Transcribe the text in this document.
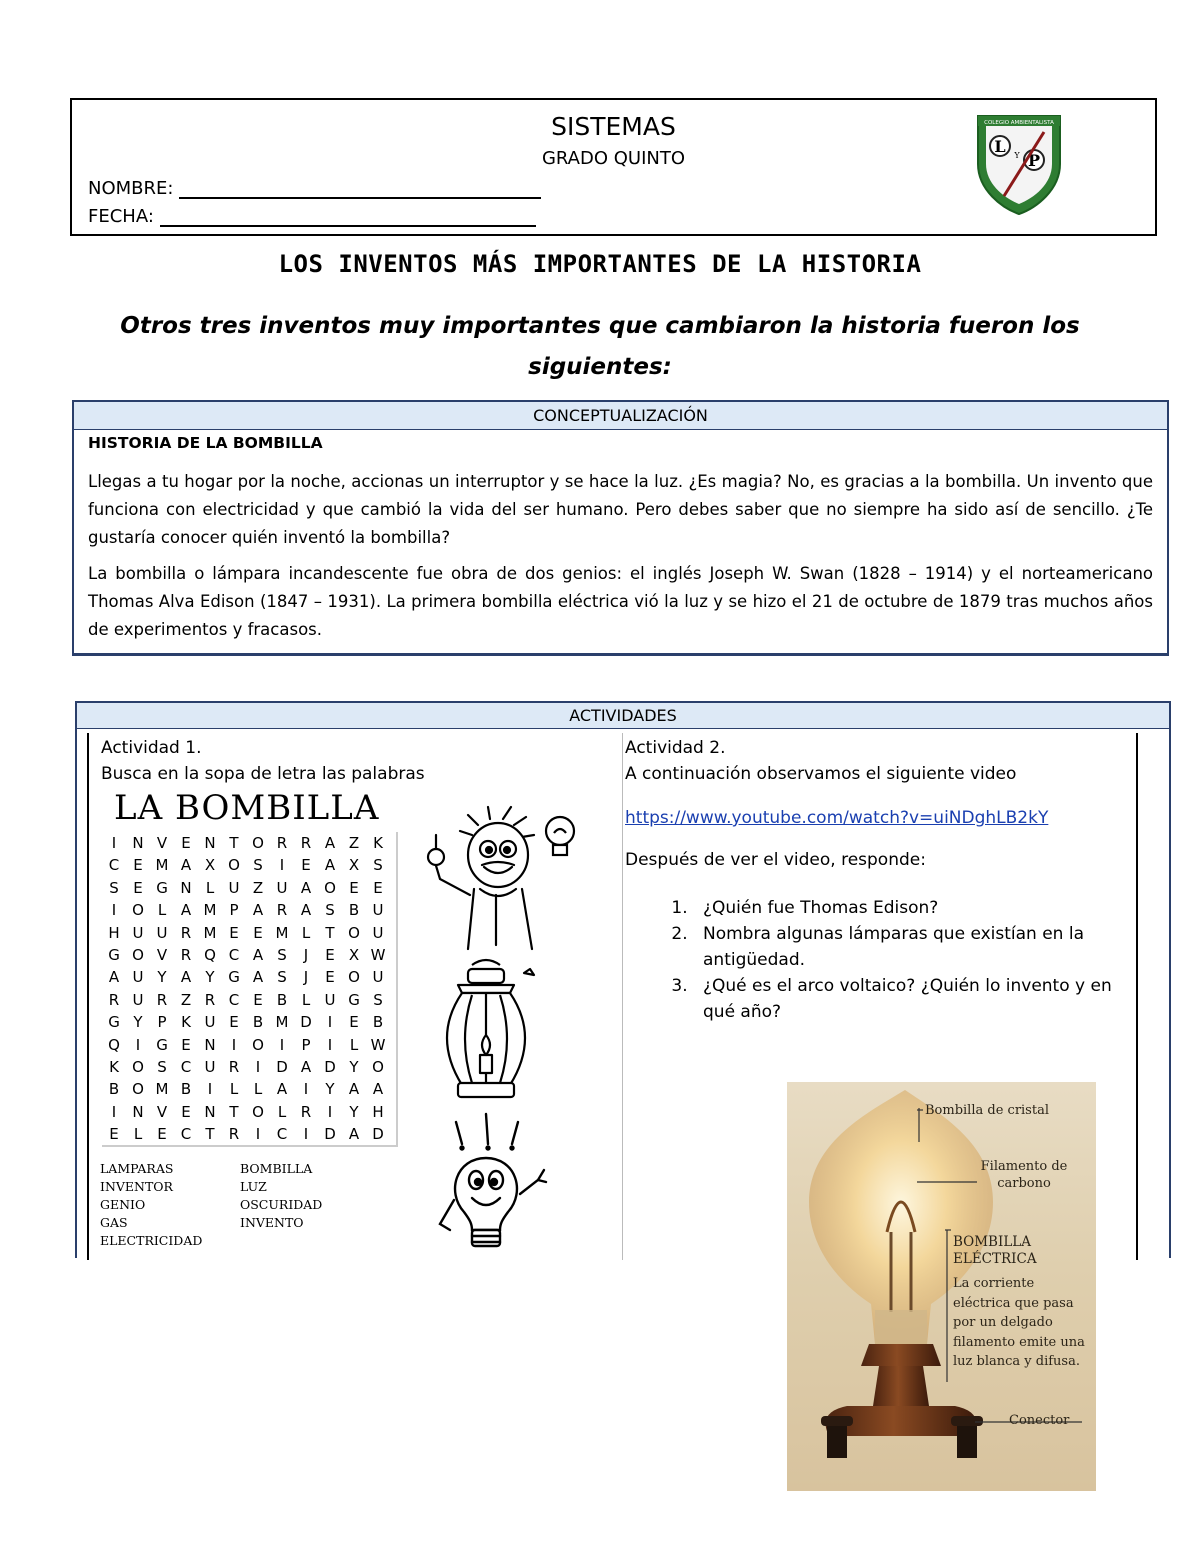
SISTEMAS
GRADO QUINTO
NOMBRE:
FECHA:
COLEGIO AMBIENTALISTA
L
P
Y
LOS INVENTOS MÁS IMPORTANTES DE LA HISTORIA
Otros tres inventos muy importantes que cambiaron la historia fueron los siguientes:
CONCEPTUALIZACIÓN
HISTORIA DE LA BOMBILLA

Llegas a tu hogar por la noche, accionas un interruptor y se hace la luz. ¿Es magia? No, es gracias a la bombilla. Un invento que funciona con electricidad y que cambió la vida del ser humano. Pero debes saber que no siempre ha sido así de sencillo. ¿Te gustaría conocer quién inventó la bombilla?

La bombilla o lámpara incandescente fue obra de dos genios: el inglés Joseph W. Swan (1828 – 1914) y el norteamericano Thomas Alva Edison (1847 – 1931). La primera bombilla eléctrica vió la luz y se hizo el 21 de octubre de 1879 tras muchos años de experimentos y fracasos.

ACTIVIDADES
Actividad 1.
Busca en la sopa de letra las palabras
Actividad 2.
A continuación observamos el siguiente video
https://www.youtube.com/watch?v=uiNDghLB2kY
Después de ver el video, responde:
1. ¿Quién fue Thomas Edison?
2. Nombra algunas lámparas que existían en la antigüedad.
3. ¿Qué es el arco voltaico? ¿Quién lo invento y en qué año?
LA BOMBILLA
I	N V E N T O R R A Z K
C E M A X O S	I	E A X S
S E G N L U Z U A O E E
I	O L A M P A R A S B U
H U U R M E E M L	T O U
G O V R Q C A S	J	E X W
A U Y A Y G A S	J	E O U
R U R Z R C E B L U G S
G Y P K U E B M D	I	E B
Q	I	G E N	I	O	I	P	I	L W
K O S C U R	I	D A D Y O
B O M B	I	L	L A	I	Y A A
I	N V E N T O L R	I	Y H
E	L	E C T R	I	C	I	D A D
LAMPARAS	BOMBILLA
INVENTOR	LUZ
GENIO	OSCURIDAD
GAS	INVENTO
ELECTRICIDAD
Bombilla de cristal
Filamento de carbono
BOMBILLA ELÉCTRICA
La corriente eléctrica que pasa por un delgado filamento emite una luz blanca y difusa.
Conector
